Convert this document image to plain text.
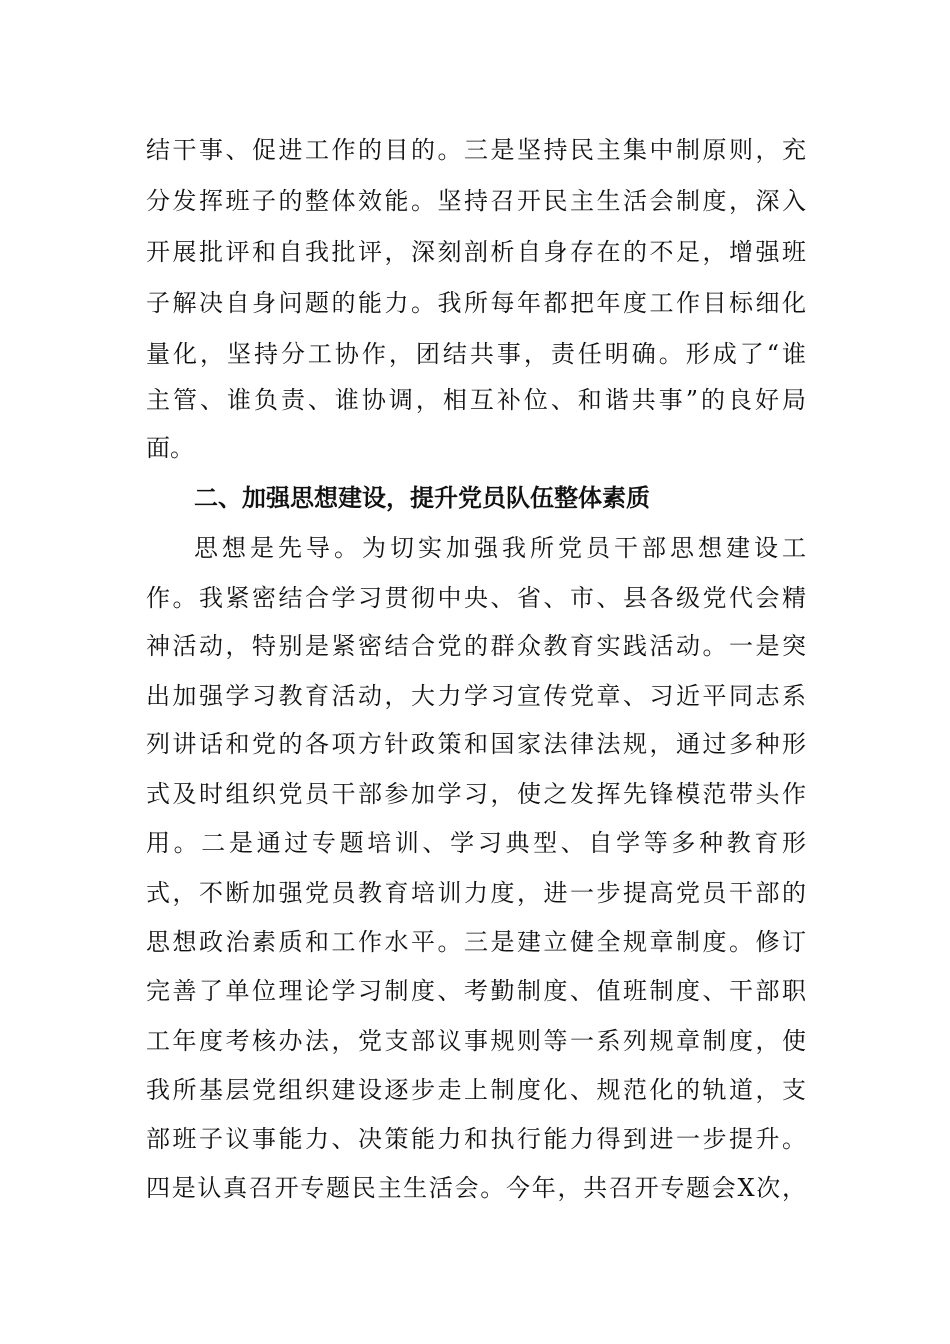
结干事、促进工作的目的。三是坚持民主集中制原则，充
分发挥班子的整体效能。坚持召开民主生活会制度，深入
开展批评和自我批评，深刻剖析自身存在的不足，增强班
子解决自身问题的能力。我所每年都把年度工作目标细化
量化，坚持分工协作，团结共事，责任明确。形成了“谁
主管、谁负责、谁协调，相互补位、和谐共事”的良好局
面。
二、加强思想建设，提升党员队伍整体素质
思想是先导。为切实加强我所党员干部思想建设工
作。我紧密结合学习贯彻中央、省、市、县各级党代会精
神活动，特别是紧密结合党的群众教育实践活动。一是突
出加强学习教育活动，大力学习宣传党章、习近平同志系
列讲话和党的各项方针政策和国家法律法规，通过多种形
式及时组织党员干部参加学习，使之发挥先锋模范带头作
用。二是通过专题培训、学习典型、自学等多种教育形
式，不断加强党员教育培训力度，进一步提高党员干部的
思想政治素质和工作水平。三是建立健全规章制度。修订
完善了单位理论学习制度、考勤制度、值班制度、干部职
工年度考核办法，党支部议事规则等一系列规章制度，使
我所基层党组织建设逐步走上制度化、规范化的轨道，支
部班子议事能力、决策能力和执行能力得到进一步提升。
四是认真召开专题民主生活会。今年，共召开专题会X次，
